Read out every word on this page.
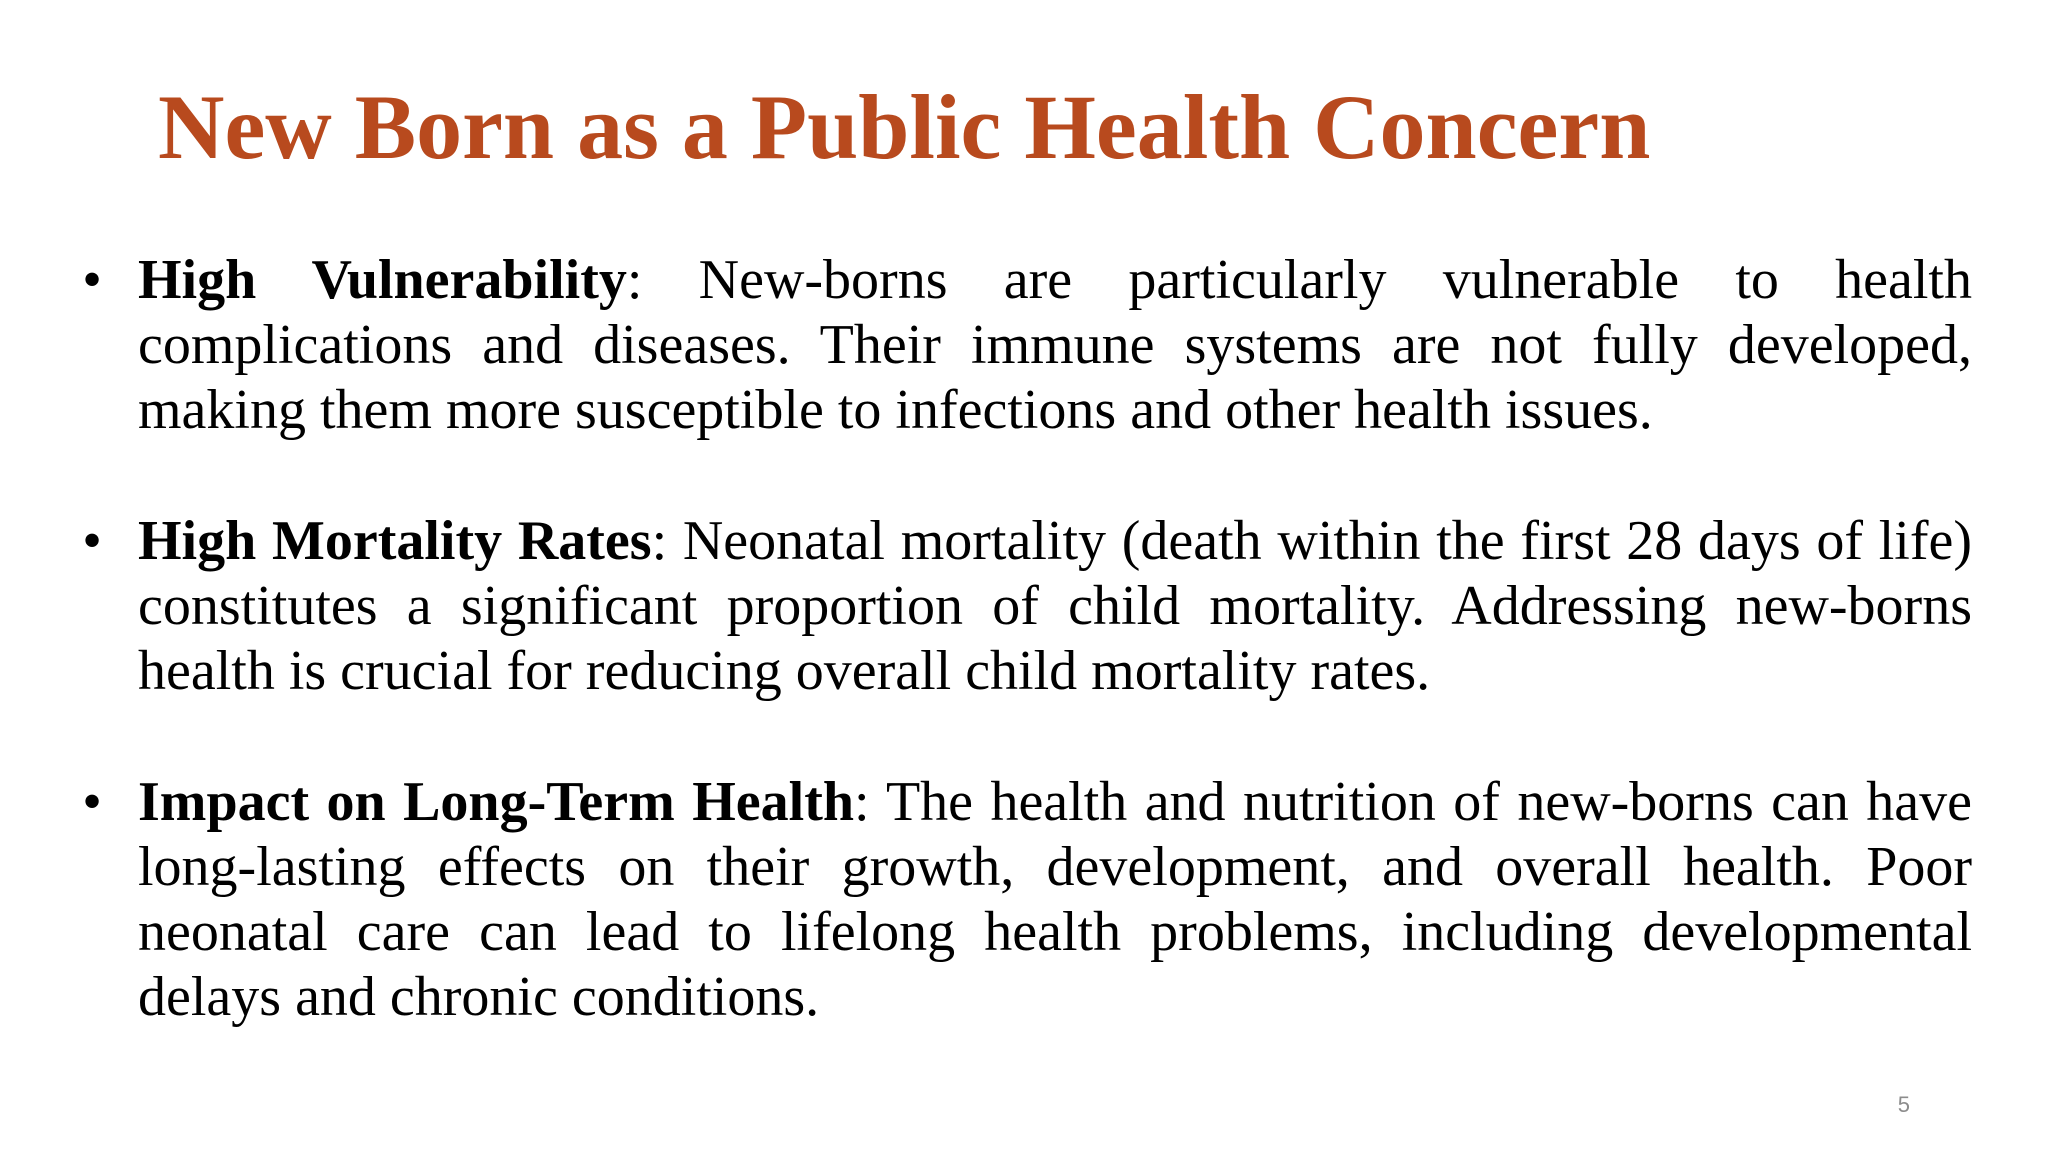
New Born as a Public Health Concern
• High Vulnerability: New-borns are particularly vulnerable to health complications and diseases. Their immune systems are not fully developed, making them more susceptible to infections and other health issues.
• High Mortality Rates: Neonatal mortality (death within the first 28 days of life) constitutes a significant proportion of child mortality. Addressing new-borns health is crucial for reducing overall child mortality rates.
• Impact on Long-Term Health: The health and nutrition of new-borns can have long-lasting effects on their growth, development, and overall health. Poor neonatal care can lead to lifelong health problems, including developmental delays and chronic conditions.
5
